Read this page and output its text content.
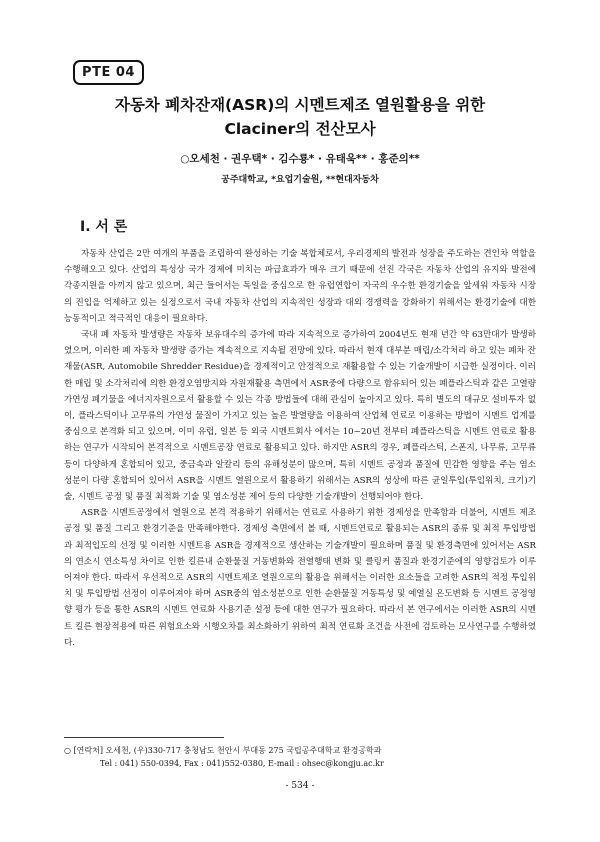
PTE 04
자동차 폐차잔재(ASR)의 시멘트제조 열원활용을 위한
Claciner의 전산모사
○오세천 · 권우택* · 김수룡* · 유태욱** · 홍준의**
공주대학교, *요업기술원, **현대자동차
I. 서 론

자동차 산업은 2만 여개의 부품을 조립하여 완성하는 기술 복합체로서, 우리경제의 발전과 성장을 주도하는 견인차 역할을 수행해오고 있다. 산업의 특성상 국가 경제에 미치는 파급효과가 매우 크기 때문에 선진 각국은 자동차 산업의 유지와 발전에 각종지원을 아끼지 않고 있으며, 최근 들어서는 독일을 중심으로 한 유럽연합이 자국의 우수한 환경기술을 앞세워 자동차 시장의 진입을 억제하고 있는 실정으로서 국내 자동차 산업의 지속적인 성장과 대외 경쟁력을 강화하기 위해서는 환경기술에 대한 능동적이고 적극적인 대응이 필요하다.

국내 폐 자동차 발생량은 자동차 보유대수의 증가에 따라 지속적으로 증가하여 2004년도 현재 년간 약 63만대가 발생하였으며, 이러한 폐 자동차 발생량 증가는 계속적으로 지속될 전망에 있다. 따라서 현재 대부분 매립/소각처리 하고 있는 폐차 잔재물(ASR, Automobile Shredder Residue)을 경제적이고 안정적으로 재활용할 수 있는 기술개발이 시급한 실정이다. 이러한 매립 및 소각처리에 의한 환경오염방지와 자원재활용 측면에서 ASR중에 다량으로 함유되어 있는 폐플라스틱과 같은 고열량 가연성 폐기물을 에너지자원으로서 활용할 수 있는 각종 방법들에 대해 관심이 높아지고 있다. 특히 별도의 대규모 설비투자 없이, 플라스틱이나 고무류의 가연성 물질이 가지고 있는 높은 발열량을 이용하여 산업체 연료로 이용하는 방법이 시멘트 업계를 중심으로 본격화 되고 있으며, 이미 유럽, 일본 등 외국 시멘트회사 에서는 10~20년 전부터 폐플라스틱을 시멘트 연료로 활용하는 연구가 시작되어 본격적으로 시멘트공장 연료로 활용되고 있다. 하지만 ASR의 경우, 폐플라스틱, 스폰지, 나무류, 고무류 등이 다양하게 혼합되어 있고, 중금속과 알칼리 등의 유해성분이 많으며, 특히 시멘트 공정과 품질에 민감한 영향을 주는 염소성분이 다량 혼합되어 있어서 ASR을 시멘트 열원으로서 활용하기 위해서는 ASR의 성상에 따른 균일투입(투입위치, 크기)기술, 시멘트 공정 및 품질 최적화 기술 및 염소성분 제어 등의 다양한 기술개발이 선행되어야 한다.

ASR을 시멘트공정에서 열원으로 본격 적용하기 위해서는 연료로 사용하기 위한 경제성을 만족함과 더불어, 시멘트 제조공정 및 품질 그리고 환경기준을 만족해야한다. 경제성 측면에서 볼 때, 시멘트연료로 활용되는 ASR의 종류 및 최적 투입방법과 최적입도의 선정 및 이러한 시멘트용 ASR을 경제적으로 생산하는 기술개발이 필요하며 품질 및 환경측면에 있어서는 ASR의 연소시 연소특성 차이로 인한 킬른내 순환물질 거동변화와 전열행태 변화 및 클링커 품질과 환경기준에의 영향검토가 이루어져야 한다. 따라서 우선적으로 ASR의 시멘트제조 열원으로의 활용을 위해서는 이러한 요소들을 고려한 ASR의 적정 투입위치 및 투입방법 선정이 이루어져야 하며 ASR중의 염소성분으로 인한 순환물질 거동특성 및 예열실 온도변화 등 시멘트 공정영향 평가 등을 통한 ASR의 시멘트 연료화 사용기준 설정 등에 대한 연구가 필요하다. 따라서 본 연구에서는 이러한 ASR의 시멘트 킬른 현장적용에 따른 위험요소와 시행오차를 최소화하기 위하여 최적 연료화 조건을 사전에 검토하는 모사연구를 수행하였다.

○ [연락처] 오세천, (우)330-717 충청남도 천안시 부대동 275 국립공주대학교 환경공학과
Tel : 041) 550-0394, Fax : 041)552-0380, E-mail : ohsec@kongju.ac.kr
- 534 -
